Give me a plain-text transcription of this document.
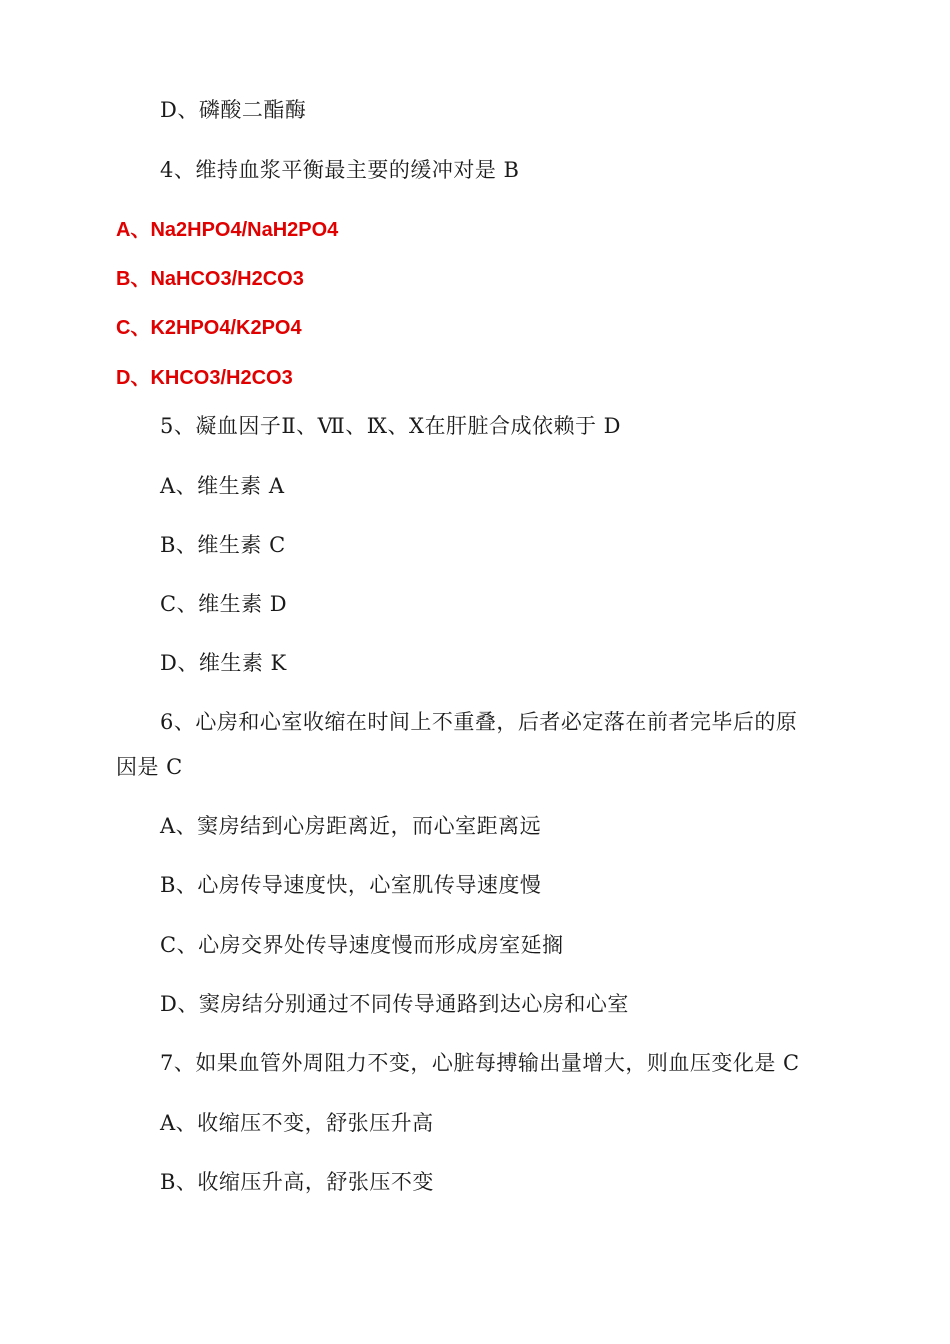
D、磷酸二酯酶
4、维持血浆平衡最主要的缓冲对是 B
A、Na2HPO4/NaH2PO4
B、NaHCO3/H2CO3
C、K2HPO4/K2PO4
D、KHCO3/H2CO3
5、凝血因子Ⅱ、Ⅶ、Ⅸ、Ⅹ在肝脏合成依赖于 D
A、维生素 A
B、维生素 C
C、维生素 D
D、维生素 K
6、心房和心室收缩在时间上不重叠，后者必定落在前者完毕后的原
因是 C
A、窦房结到心房距离近，而心室距离远
B、心房传导速度快，心室肌传导速度慢
C、心房交界处传导速度慢而形成房室延搁
D、窦房结分别通过不同传导通路到达心房和心室
7、如果血管外周阻力不变，心脏每搏输出量增大，则血压变化是 C
A、收缩压不变，舒张压升高
B、收缩压升高，舒张压不变
